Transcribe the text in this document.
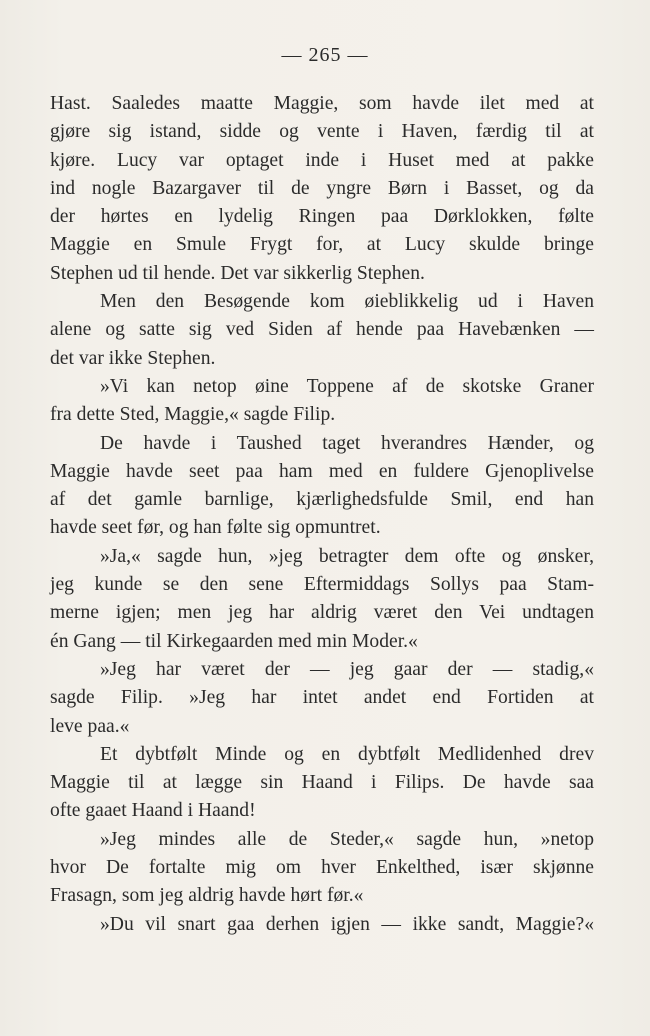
— 265 —
Hast. Saaledes maatte Maggie, som havde ilet med at
gjøre sig istand, sidde og vente i Haven, færdig til at
kjøre. Lucy var optaget inde i Huset med at pakke
ind nogle Bazargaver til de yngre Børn i Basset, og da
der hørtes en lydelig Ringen paa Dørklokken, følte
Maggie en Smule Frygt for, at Lucy skulde bringe
Stephen ud til hende. Det var sikkerlig Stephen.
Men den Besøgende kom øieblikkelig ud i Haven
alene og satte sig ved Siden af hende paa Havebænken —
det var ikke Stephen.
»Vi kan netop øine Toppene af de skotske Graner
fra dette Sted, Maggie,« sagde Filip.
De havde i Taushed taget hverandres Hænder, og
Maggie havde seet paa ham med en fuldere Gjenoplivelse
af det gamle barnlige, kjærlighedsfulde Smil, end han
havde seet før, og han følte sig opmuntret.
»Ja,« sagde hun, »jeg betragter dem ofte og ønsker,
jeg kunde se den sene Eftermiddags Sollys paa Stam-
merne igjen; men jeg har aldrig været den Vei undtagen
én Gang — til Kirkegaarden med min Moder.«
»Jeg har været der — jeg gaar der — stadig,«
sagde Filip. »Jeg har intet andet end Fortiden at
leve paa.«
Et dybtfølt Minde og en dybtfølt Medlidenhed drev
Maggie til at lægge sin Haand i Filips. De havde saa
ofte gaaet Haand i Haand!
»Jeg mindes alle de Steder,« sagde hun, »netop
hvor De fortalte mig om hver Enkelthed, især skjønne
Frasagn, som jeg aldrig havde hørt før.«
»Du vil snart gaa derhen igjen — ikke sandt, Maggie?«
